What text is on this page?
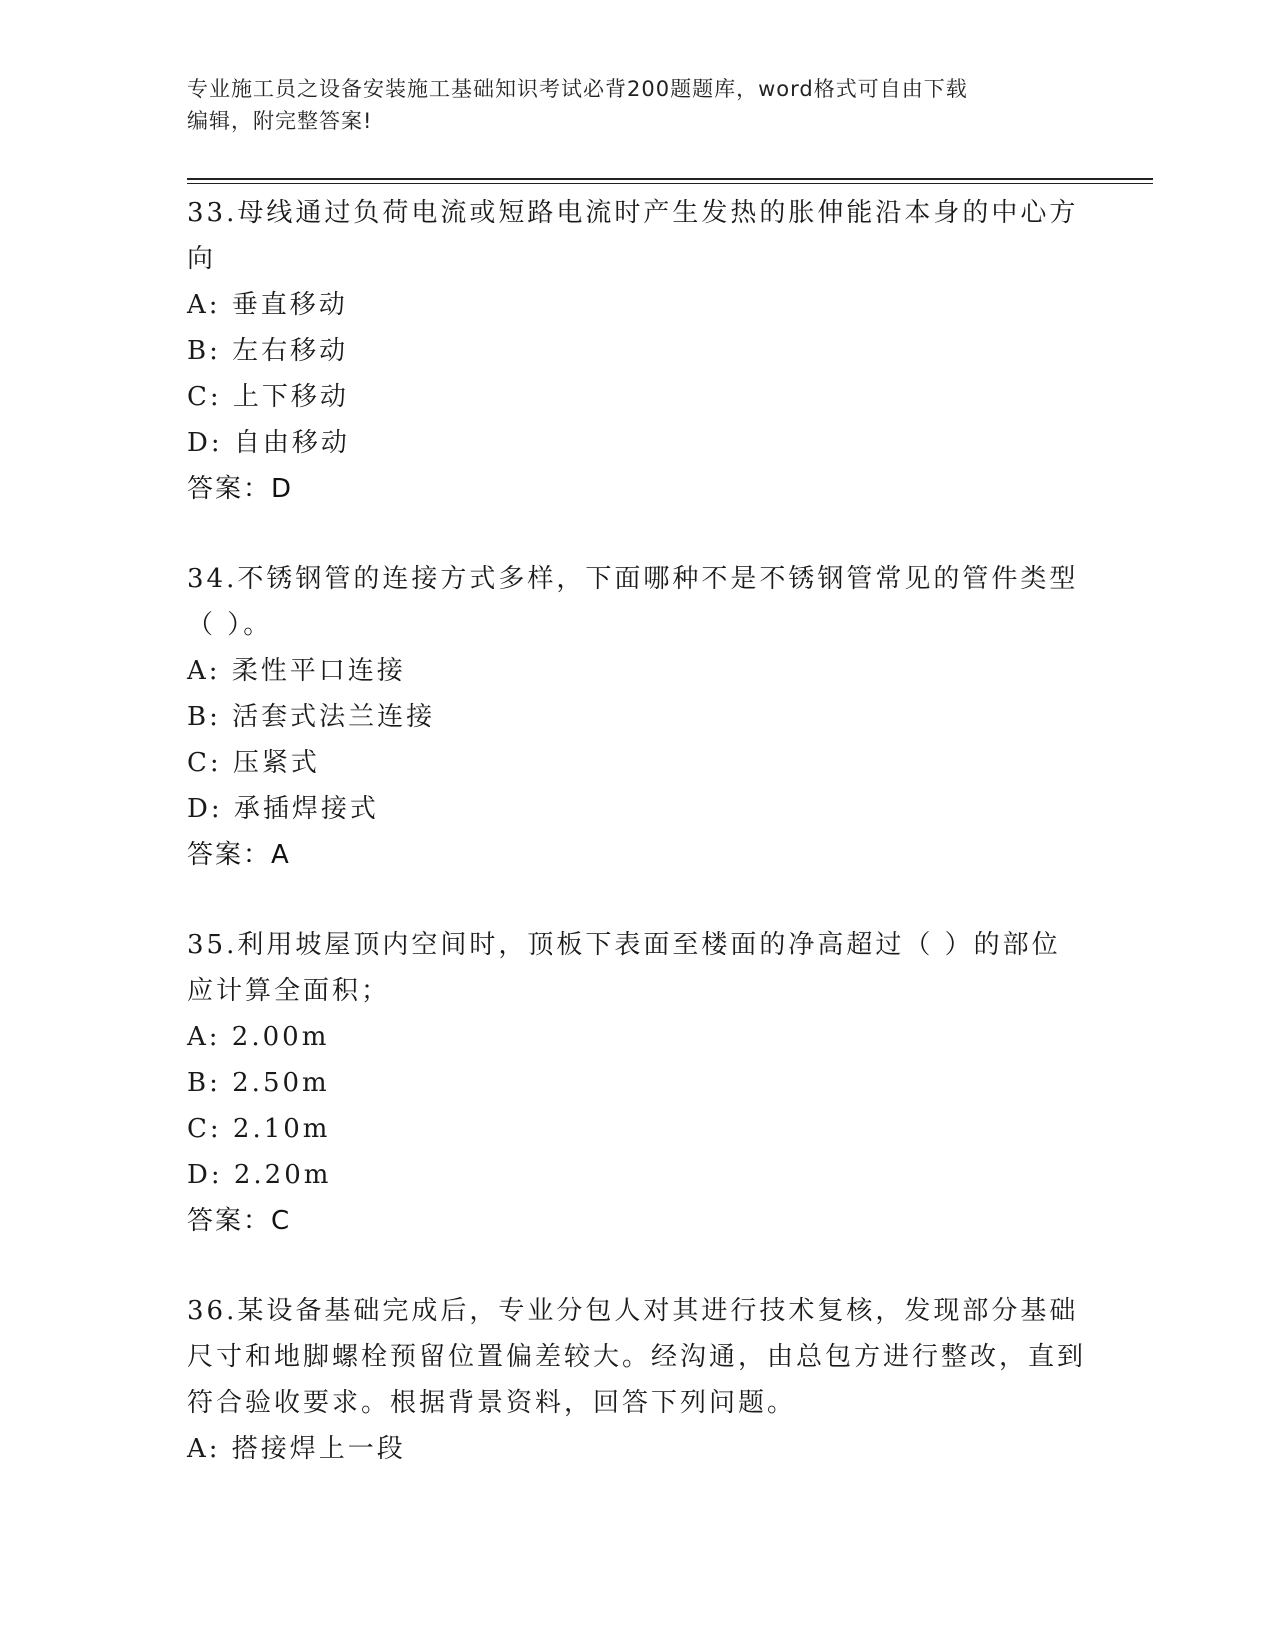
专业施工员之设备安装施工基础知识考试必背200题题库，word格式可自由下载
编辑，附完整答案!

33.母线通过负荷电流或短路电流时产生发热的胀伸能沿本身的中心方向

A: 垂直移动

B: 左右移动

C: 上下移动

D: 自由移动

答案：D

34.不锈钢管的连接方式多样，下面哪种不是不锈钢管常见的管件类型（ ）。

A: 柔性平口连接

B: 活套式法兰连接

C: 压紧式

D: 承插焊接式

答案：A

35.利用坡屋顶内空间时，顶板下表面至楼面的净高超过（ ）的部位应计算全面积；

A: 2.00m

B: 2.50m

C: 2.10m

D: 2.20m

答案：C

36.某设备基础完成后，专业分包人对其进行技术复核，发现部分基础尺寸和地脚螺栓预留位置偏差较大。经沟通，由总包方进行整改，直到符合验收要求。根据背景资料，回答下列问题。

A: 搭接焊上一段
